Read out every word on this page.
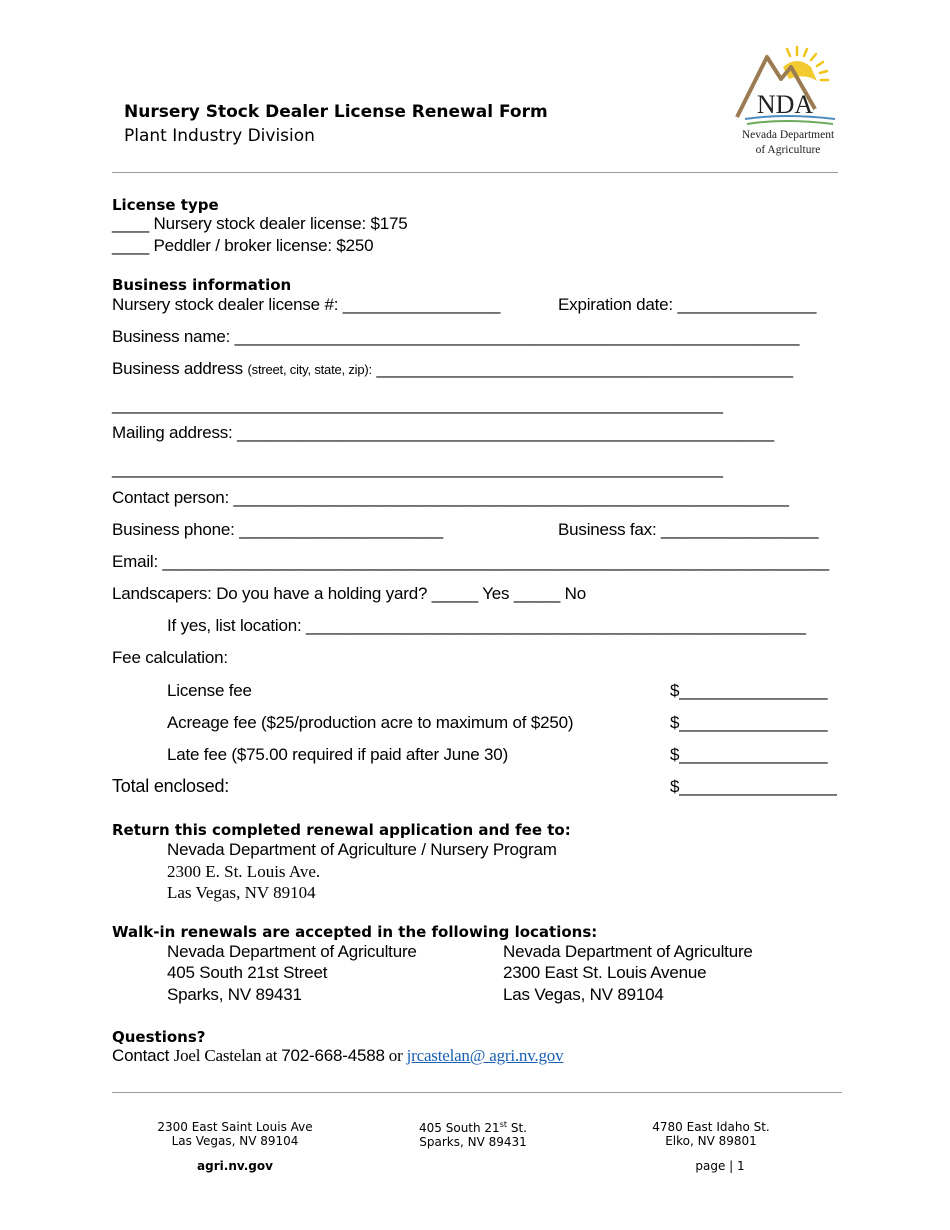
Nursery Stock Dealer License Renewal Form
Plant Industry Division
NDA
Nevada Department
of Agriculture
License type
____ Nursery stock dealer license: $175
____ Peddler / broker license: $250
Business information
Nursery stock dealer license #: _________________	Expiration date: _______________
Business name: _____________________________________________________________
Business address (street, city, state, zip): _____________________________________________
__________________________________________________________________
Mailing address: __________________________________________________________
__________________________________________________________________
Contact person: ____________________________________________________________
Business phone: ______________________	Business fax: _________________
Email: ________________________________________________________________________
Landscapers: Do you have a holding yard? _____ Yes _____ No
If yes, list location: ______________________________________________________
Fee calculation:
License fee	$________________
Acreage fee ($25/production acre to maximum of $250)	$________________
Late fee ($75.00 required if paid after June 30)	$________________
Total enclosed:	$_________________
Return this completed renewal application and fee to:
Nevada Department of Agriculture / Nursery Program
2300 E. St. Louis Ave.
Las Vegas, NV 89104
Walk-in renewals are accepted in the following locations:
Nevada Department of Agriculture
405 South 21st Street
Sparks, NV 89431
Nevada Department of Agriculture
2300 East St. Louis Avenue
Las Vegas, NV 89104
Questions?
Contact Joel Castelan at 702-668-4588 or jrcastelan@ agri.nv.gov
2300 East Saint Louis Ave
Las Vegas, NV 89104
405 South 21st St.
Sparks, NV 89431
4780 East Idaho St.
Elko, NV 89801
agri.nv.gov	page | 1
